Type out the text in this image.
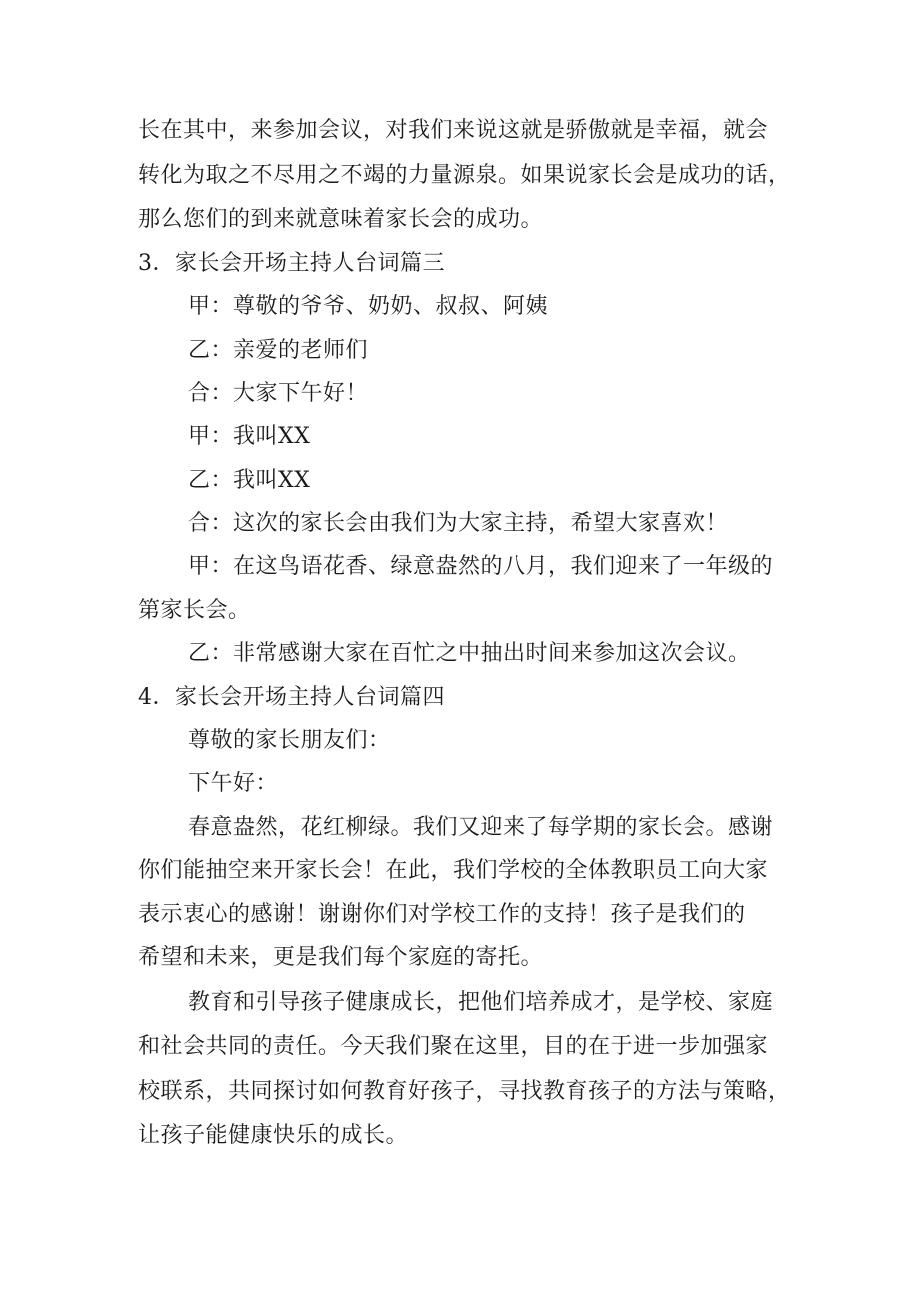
长在其中，来参加会议，对我们来说这就是骄傲就是幸福，就会
转化为取之不尽用之不竭的力量源泉。如果说家长会是成功的话，
那么您们的到来就意味着家长会的成功。
3．家长会开场主持人台词篇三
甲：尊敬的爷爷、奶奶、叔叔、阿姨
乙：亲爱的老师们
合：大家下午好！
甲：我叫XX
乙：我叫XX
合：这次的家长会由我们为大家主持，希望大家喜欢！
甲：在这鸟语花香、绿意盎然的八月，我们迎来了一年级的
第家长会。
乙：非常感谢大家在百忙之中抽出时间来参加这次会议。
4．家长会开场主持人台词篇四
尊敬的家长朋友们：
下午好：
春意盎然，花红柳绿。我们又迎来了每学期的家长会。感谢
你们能抽空来开家长会！在此，我们学校的全体教职员工向大家
表示衷心的感谢！谢谢你们对学校工作的支持！孩子是我们的
希望和未来，更是我们每个家庭的寄托。
教育和引导孩子健康成长，把他们培养成才，是学校、家庭
和社会共同的责任。今天我们聚在这里，目的在于进一步加强家
校联系，共同探讨如何教育好孩子，寻找教育孩子的方法与策略，
让孩子能健康快乐的成长。
